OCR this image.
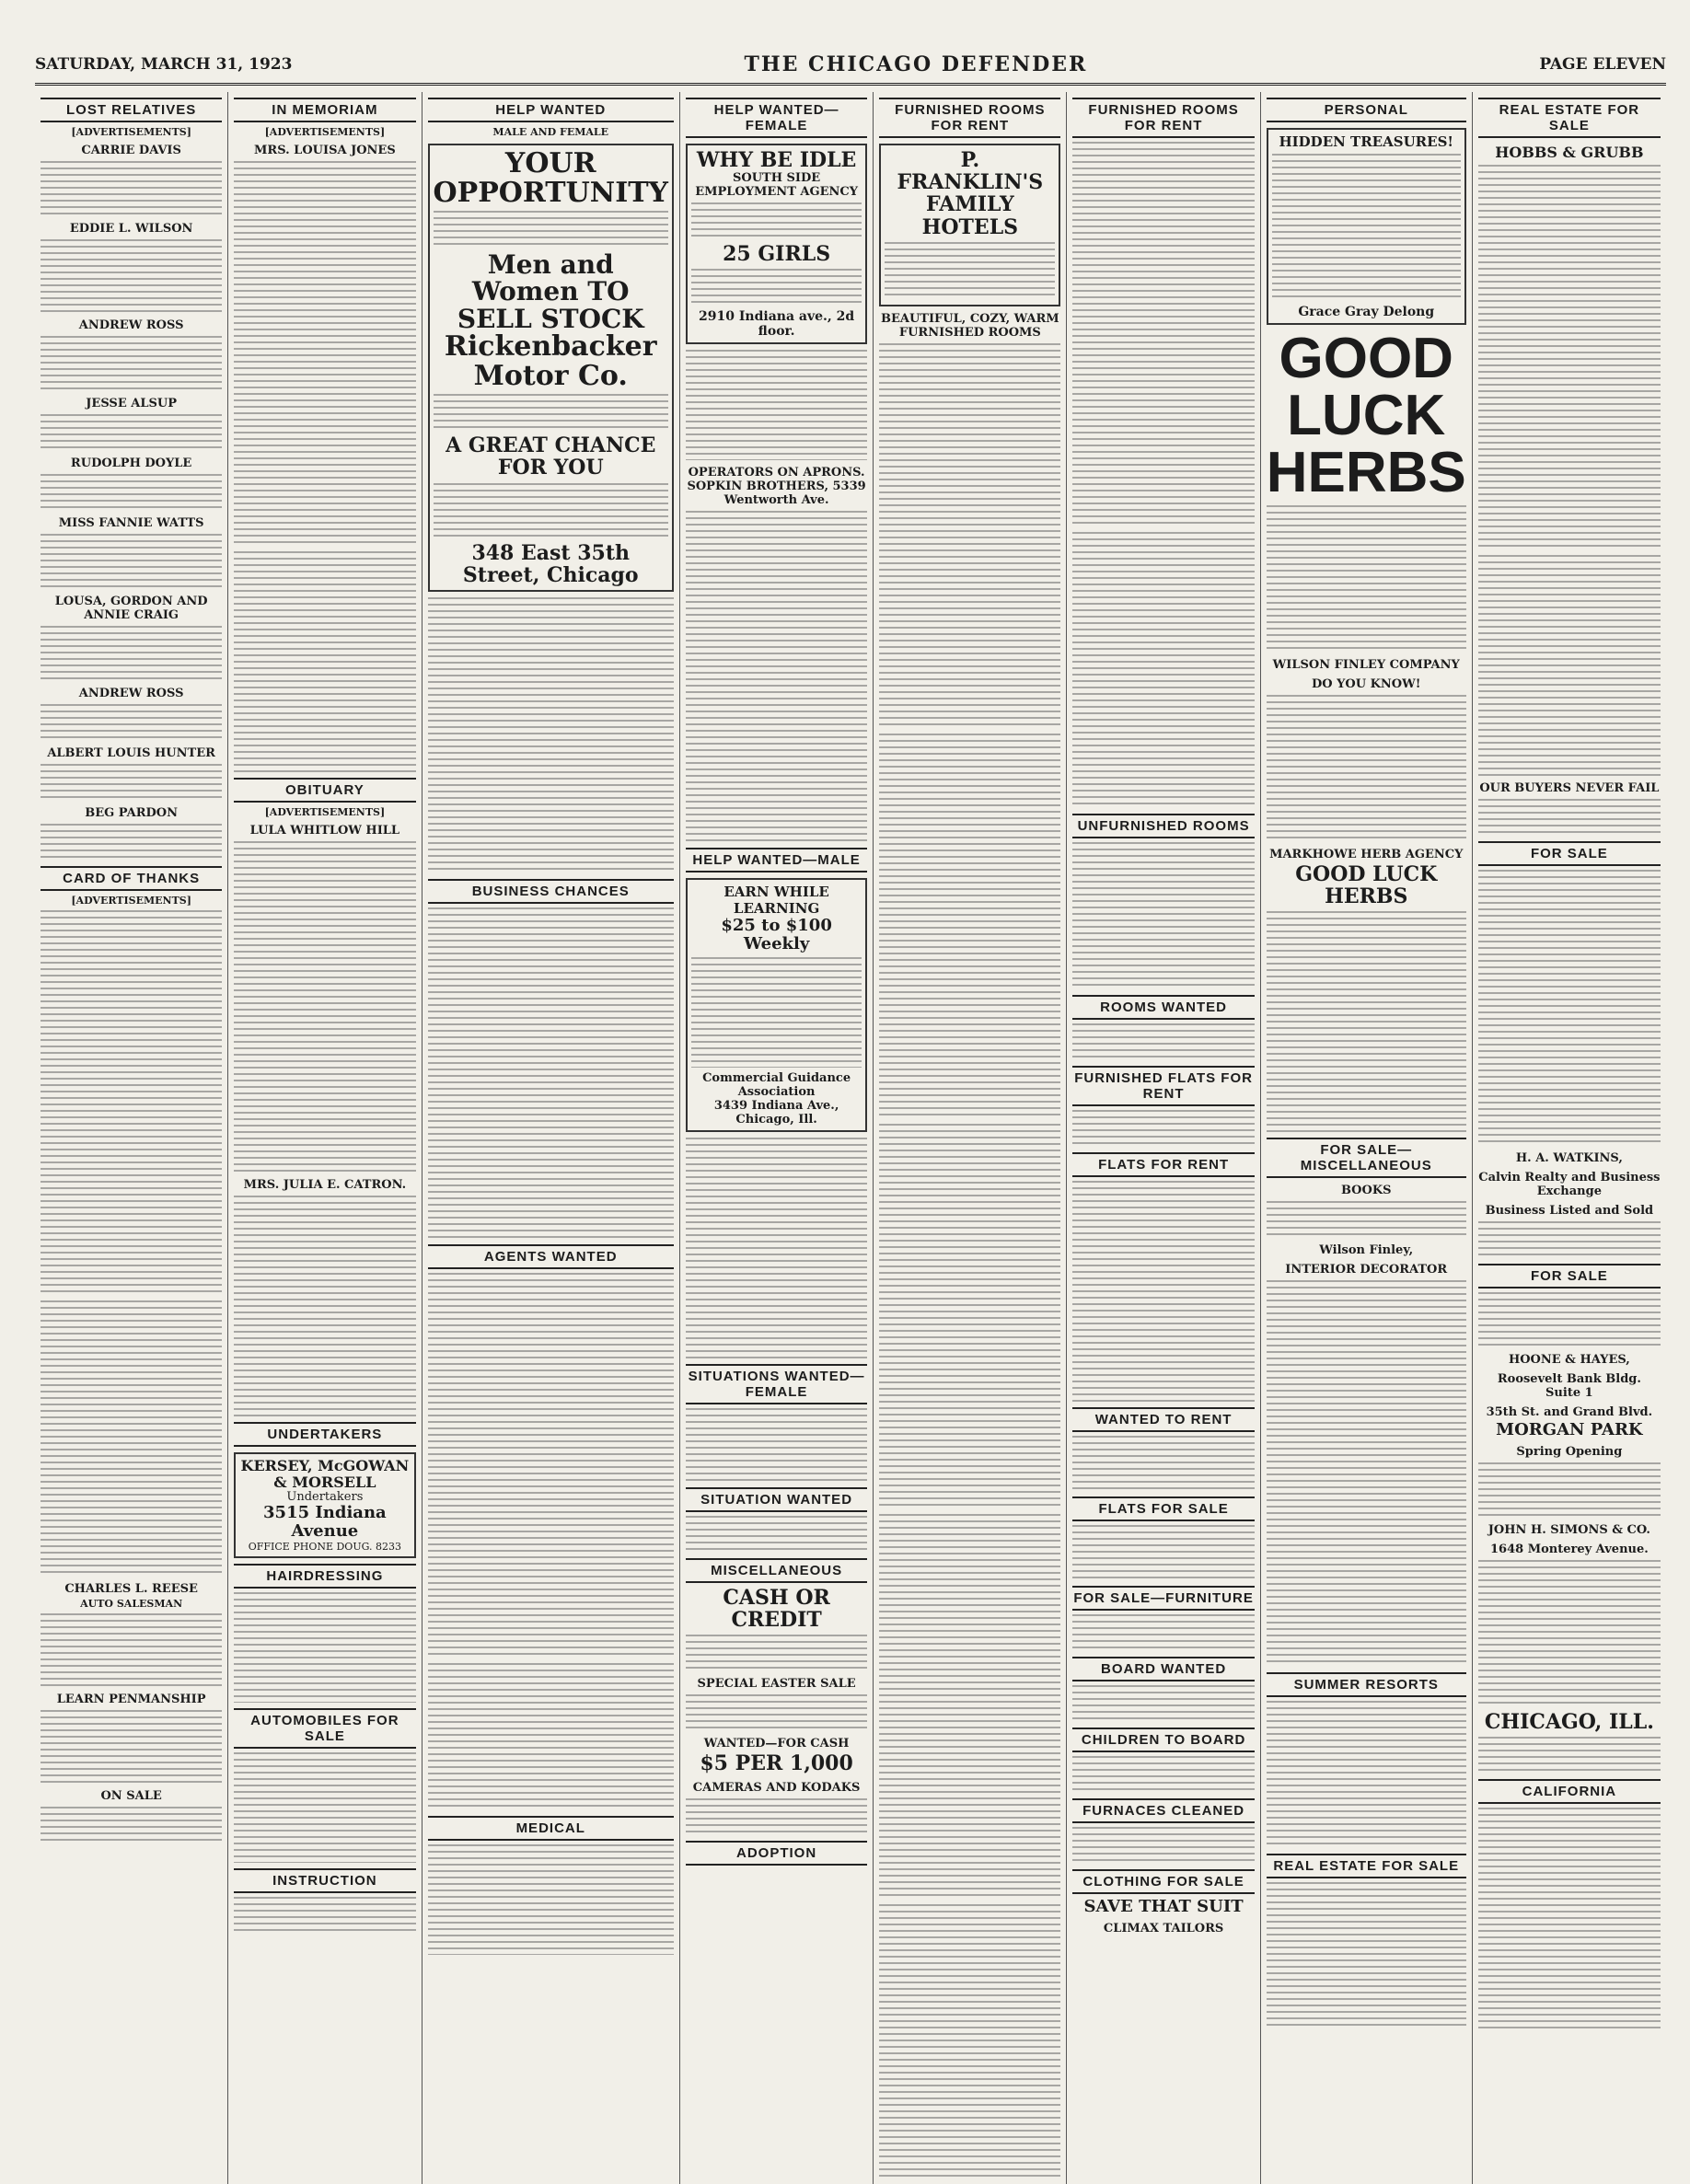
SATURDAY, MARCH 31, 1923	THE CHICAGO DEFENDER	PAGE ELEVEN
LOST RELATIVES
[ADVERTISEMENTS]
CARRIE DAVIS
EDDIE L. WILSON
ANDREW ROSS
JESSE ALSUP
RUDOLPH DOYLE
MISS FANNIE WATTS
LOUSA, GORDON AND ANNIE CRAIG
ANDREW ROSS
ALBERT LOUIS HUNTER
BEG PARDON
CARD OF THANKS
[ADVERTISEMENTS]
CHARLES L. REESE
AUTO SALESMAN
LEARN PENMANSHIP
ON SALE
IN MEMORIAM
[ADVERTISEMENTS]
MRS. LOUISA JONES
OBITUARY
[ADVERTISEMENTS]
LULA WHITLOW HILL
MRS. JULIA E. CATRON.
UNDERTAKERS
KERSEY, McGOWAN & MORSELL
Undertakers
3515 Indiana Avenue
OFFICE PHONE DOUG. 8233
HAIRDRESSING
AUTOMOBILES FOR SALE
INSTRUCTION
HELP WANTED
MALE AND FEMALE
YOUR OPPORTUNITY
Men and Women TO SELL STOCK
Rickenbacker Motor Co.
A GREAT CHANCE FOR YOU
348 East 35th Street, Chicago
BUSINESS CHANCES
AGENTS WANTED
MEDICAL
HELP WANTED—FEMALE
WHY BE IDLE
SOUTH SIDE EMPLOYMENT AGENCY
25 GIRLS
2910 Indiana ave., 2d floor.
OPERATORS ON APRONS. SOPKIN BROTHERS, 5339 Wentworth Ave.
HELP WANTED—MALE
EARN WHILE LEARNING
$25 to $100 Weekly
Commercial Guidance Association
3439 Indiana Ave., Chicago, Ill.
SITUATIONS WANTED—FEMALE
SITUATION WANTED
MISCELLANEOUS
CASH OR CREDIT
SPECIAL EASTER SALE
WANTED—FOR CASH
$5 PER 1,000
CAMERAS AND KODAKS
ADOPTION
FURNISHED ROOMS FOR RENT
P. FRANKLIN'S FAMILY HOTELS
BEAUTIFUL, COZY, WARM FURNISHED ROOMS
FURNISHED ROOMS FOR RENT
UNFURNISHED ROOMS
ROOMS WANTED
FURNISHED FLATS FOR RENT
FLATS FOR RENT
WANTED TO RENT
FLATS FOR SALE
FOR SALE—FURNITURE
BOARD WANTED
CHILDREN TO BOARD
FURNACES CLEANED
CLOTHING FOR SALE
SAVE THAT SUIT
CLIMAX TAILORS
PERSONAL
HIDDEN TREASURES!
Grace Gray Delong
GOOD LUCK HERBS
WILSON FINLEY COMPANY
DO YOU KNOW!
MARKHOWE HERB AGENCY
GOOD LUCK HERBS
FOR SALE—MISCELLANEOUS
BOOKS
Wilson Finley,
INTERIOR DECORATOR
SUMMER RESORTS
REAL ESTATE FOR SALE
REAL ESTATE FOR SALE
HOBBS & GRUBB
OUR BUYERS NEVER FAIL
FOR SALE
H. A. WATKINS,
Calvin Realty and Business Exchange
Business Listed and Sold
FOR SALE
HOONE & HAYES,
Roosevelt Bank Bldg. Suite 1
35th St. and Grand Blvd.
MORGAN PARK
Spring Opening
JOHN H. SIMONS & CO.
1648 Monterey Avenue.
CHICAGO, ILL.
CALIFORNIA
